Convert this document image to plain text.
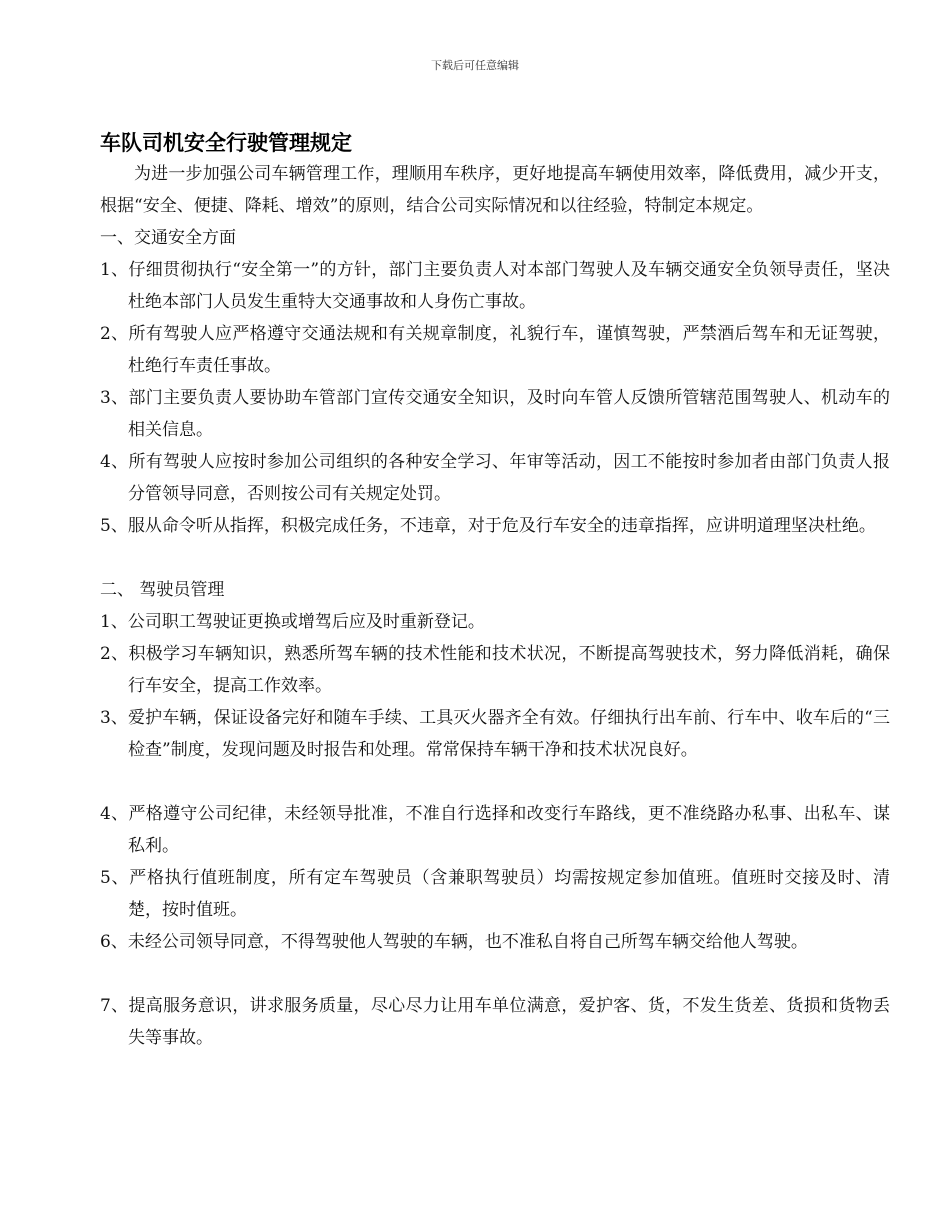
下载后可任意编辑
车队司机安全行驶管理规定

为进一步加强公司车辆管理工作，理顺用车秩序，更好地提高车辆使用效率，降低费用，减少开支，根据“安全、便捷、降耗、增效”的原则，结合公司实际情况和以往经验，特制定本规定。

一、交通安全方面

1、仔细贯彻执行“安全第一”的方针，部门主要负责人对本部门驾驶人及车辆交通安全负领导责任，坚决杜绝本部门人员发生重特大交通事故和人身伤亡事故。

2、所有驾驶人应严格遵守交通法规和有关规章制度，礼貌行车，谨慎驾驶，严禁酒后驾车和无证驾驶，杜绝行车责任事故。

3、部门主要负责人要协助车管部门宣传交通安全知识，及时向车管人反馈所管辖范围驾驶人、机动车的相关信息。

4、所有驾驶人应按时参加公司组织的各种安全学习、年审等活动，因工不能按时参加者由部门负责人报分管领导同意，否则按公司有关规定处罚。

5、服从命令听从指挥，积极完成任务，不违章，对于危及行车安全的违章指挥，应讲明道理坚决杜绝。

二、 驾驶员管理

1、公司职工驾驶证更换或增驾后应及时重新登记。

2、积极学习车辆知识，熟悉所驾车辆的技术性能和技术状况，不断提高驾驶技术，努力降低消耗，确保行车安全，提高工作效率。

3、爱护车辆，保证设备完好和随车手续、工具灭火器齐全有效。仔细执行出车前、行车中、收车后的“三检查”制度，发现问题及时报告和处理。常常保持车辆干净和技术状况良好。

4、严格遵守公司纪律，未经领导批准，不准自行选择和改变行车路线，更不准绕路办私事、出私车、谋私利。

5、严格执行值班制度，所有定车驾驶员（含兼职驾驶员）均需按规定参加值班。值班时交接及时、清楚，按时值班。

6、未经公司领导同意，不得驾驶他人驾驶的车辆，也不准私自将自己所驾车辆交给他人驾驶。

7、提高服务意识，讲求服务质量，尽心尽力让用车单位满意，爱护客、货，不发生货差、货损和货物丢失等事故。
